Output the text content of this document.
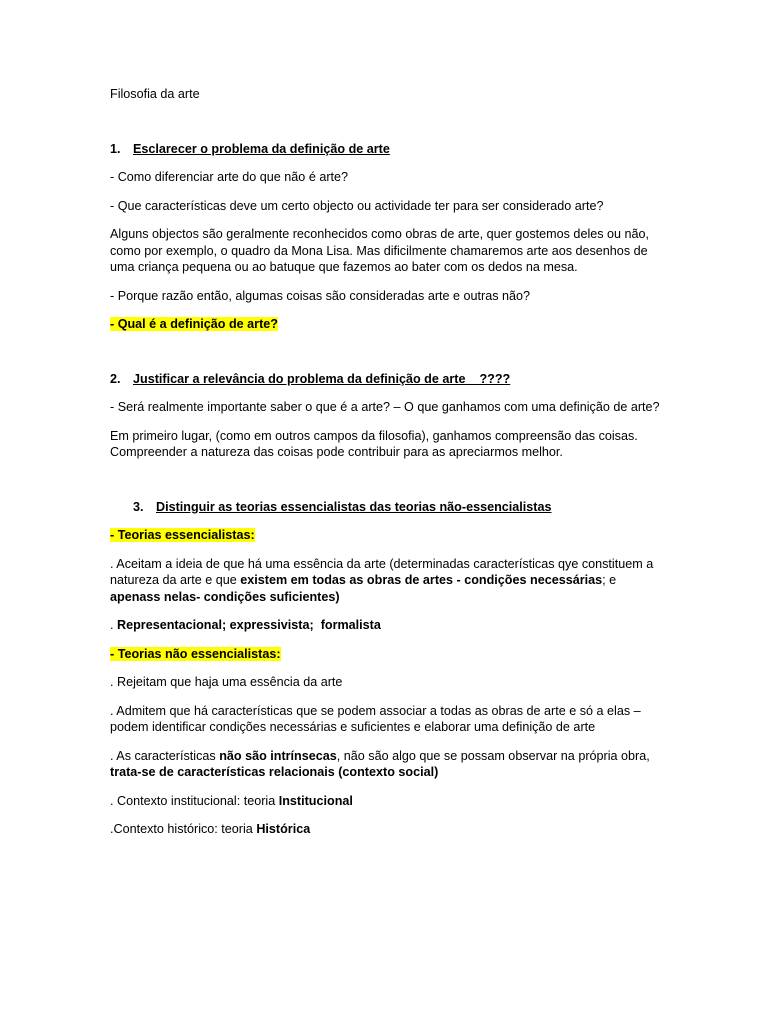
Filosofia da arte

1. Esclarecer o problema da definição de arte

- Como diferenciar arte do que não é arte?

- Que características deve um certo objecto ou actividade ter para ser considerado arte?

Alguns objectos são geralmente reconhecidos como obras de arte, quer gostemos deles ou não, como por exemplo, o quadro da Mona Lisa. Mas dificilmente chamaremos arte aos desenhos de uma criança pequena ou ao batuque que fazemos ao bater com os dedos na mesa.

- Porque razão então, algumas coisas são consideradas arte e outras não?

- Qual é a definição de arte?

2. Justificar a relevância do problema da definição de arte    ????

- Será realmente importante saber o que é a arte? – O que ganhamos com uma definição de arte?

Em primeiro lugar, (como em outros campos da filosofia), ganhamos compreensão das coisas. Compreender a natureza das coisas pode contribuir para as apreciarmos melhor.

3. Distinguir as teorias essencialistas das teorias não-essencialistas

- Teorias essencialistas:

. Aceitam a ideia de que há uma essência da arte (determinadas características qye constituem a natureza da arte e que existem em todas as obras de artes - condições necessárias; e apenass nelas- condições suficientes)

. Representacional; expressivista;  formalista

- Teorias não essencialistas:

. Rejeitam que haja uma essência da arte

. Admitem que há características que se podem associar a todas as obras de arte e só a elas – podem identificar condições necessárias e suficientes e elaborar uma definição de arte

. As características não são intrínsecas, não são algo que se possam observar na própria obra, trata-se de características relacionais (contexto social)

. Contexto institucional: teoria Institucional

.Contexto histórico: teoria Histórica
